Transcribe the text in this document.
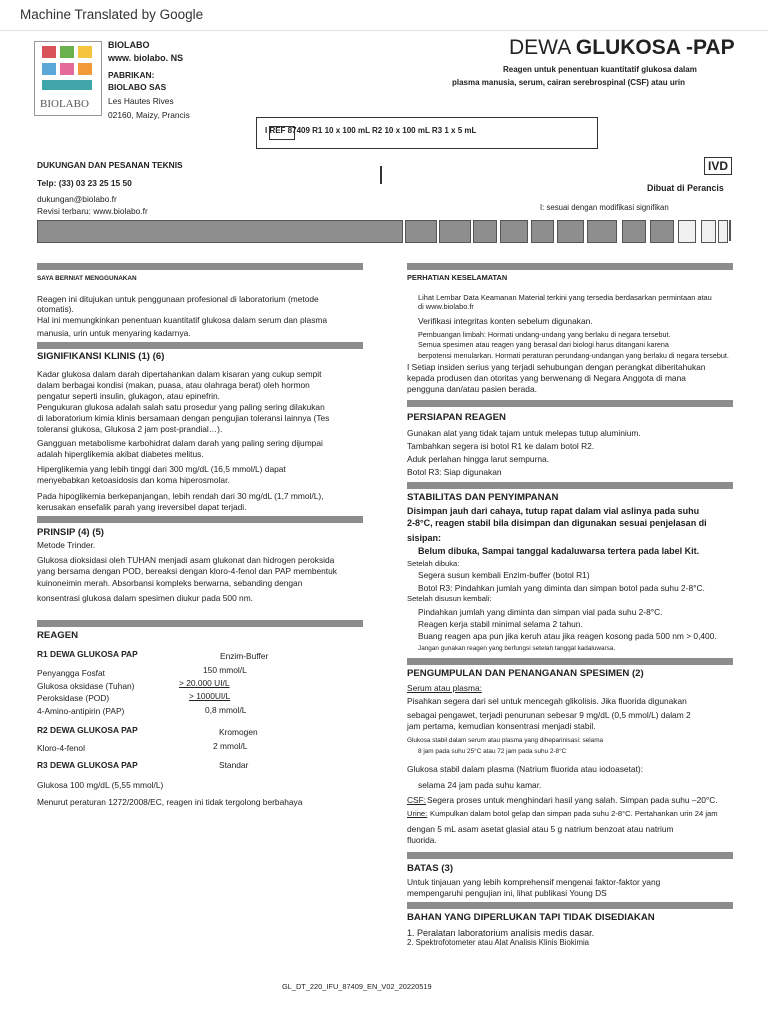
Machine Translated by Google
BIOLABO
BIOLABO
www. biolabo. NS
PABRIKAN:
BIOLABO SAS
Les Hautes Rives
02160, Maizy, Prancis
DEWA GLUKOSA -PAP
Reagen untuk penentuan kuantitatif glukosa dalam
plasma manusia, serum, cairan serebrospinal (CSF) atau urin
I REF 87409 R1 10 x 100 mL R2 10 x 100 mL R3 1 x 5 mL
DUKUNGAN DAN PESANAN TEKNIS
Telp: (33) 03 23 25 15 50
dukungan@biolabo.fr
Revisi terbaru: www.biolabo.fr
IVD
Dibuat di Perancis
I: sesuai dengan modifikasi signifikan
SAYA BERNIAT MENGGUNAKAN
Reagen ini ditujukan untuk penggunaan profesional di laboratorium (metode
otomatis).
Hal ini memungkinkan penentuan kuantitatif glukosa dalam serum dan plasma
manusia, urin untuk menyaring kadarnya.
SIGNIFIKANSI KLINIS (1) (6)
Kadar glukosa dalam darah dipertahankan dalam kisaran yang cukup sempit
dalam berbagai kondisi (makan, puasa, atau olahraga berat) oleh hormon
pengatur seperti insulin, glukagon, atau epinefrin.
Pengukuran glukosa adalah salah satu prosedur yang paling sering dilakukan
di laboratorium kimia klinis bersamaan dengan pengujian toleransi lainnya (Tes
toleransi glukosa, Glukosa 2 jam post-prandial…).
Gangguan metabolisme karbohidrat dalam darah yang paling sering dijumpai
adalah hiperglikemia akibat diabetes melitus.
Hiperglikemia yang lebih tinggi dari 300 mg/dL (16,5 mmol/L) dapat
menyebabkan ketoasidosis dan koma hiperosmolar.
Pada hipoglikemia berkepanjangan, lebih rendah dari 30 mg/dL (1,7 mmol/L),
kerusakan ensefalik parah yang ireversibel dapat terjadi.
PRINSIP (4) (5)
Metode Trinder.
Glukosa dioksidasi oleh TUHAN menjadi asam glukonat dan hidrogen peroksida
yang bersama dengan POD, bereaksi dengan kloro-4-fenol dan PAP membentuk
kuinoneimin merah. Absorbansi kompleks berwarna, sebanding dengan
konsentrasi glukosa dalam spesimen diukur pada 500 nm.
REAGEN
R1 DEWA GLUKOSA PAP	Enzim-Buffer
Penyangga Fosfat	150 mmol/L
Glukosa oksidase (Tuhan)	> 20.000 UI/L
Peroksidase (POD)	> 1000UI/L
4-Amino-antipirin (PAP)	0,8 mmol/L
R2 DEWA GLUKOSA PAP	Kromogen
Kloro-4-fenol	2 mmol/L
R3 DEWA GLUKOSA PAP	Standar
Glukosa 100 mg/dL (5,55 mmol/L)
Menurut peraturan 1272/2008/EC, reagen ini tidak tergolong berbahaya
PERHATIAN KESELAMATAN
Lihat Lembar Data Keamanan Material terkini yang tersedia berdasarkan permintaan atau
di www.biolabo.fr
Verifikasi integritas konten sebelum digunakan.
Pembuangan limbah: Hormati undang-undang yang berlaku di negara tersebut.
Semua spesimen atau reagen yang berasal dari biologi harus ditangani karena
berpotensi menularkan. Hormati peraturan perundang-undangan yang berlaku di negara tersebut.
I Setiap insiden serius yang terjadi sehubungan dengan perangkat diberitahukan
kepada produsen dan otoritas yang berwenang di Negara Anggota di mana
pengguna dan/atau pasien berada.
PERSIAPAN REAGEN
Gunakan alat yang tidak tajam untuk melepas tutup aluminium.
Tambahkan segera isi botol R1 ke dalam botol R2.
Aduk perlahan hingga larut sempurna.
Botol R3: Siap digunakan
STABILITAS DAN PENYIMPANAN
Disimpan jauh dari cahaya, tutup rapat dalam vial aslinya pada suhu
2-8°C, reagen stabil bila disimpan dan digunakan sesuai penjelasan di
sisipan:
Belum dibuka, Sampai tanggal kadaluwarsa tertera pada label Kit.
Setelah dibuka:
Segera susun kembali Enzim-buffer (botol R1)
Botol R3: Pindahkan jumlah yang diminta dan simpan botol pada suhu 2-8°C.
Setelah disusun kembali:
Pindahkan jumlah yang diminta dan simpan vial pada suhu 2-8°C.
Reagen kerja stabil minimal selama 2 tahun.
Buang reagen apa pun jika keruh atau jika reagen kosong pada 500 nm > 0,400.
Jangan gunakan reagen yang berfungsi setelah tanggal kadaluwarsa.
PENGUMPULAN DAN PENANGANAN SPESIMEN (2)
Serum atau plasma:
Pisahkan segera dari sel untuk mencegah glikolisis. Jika fluorida digunakan
sebagai pengawet, terjadi penurunan sebesar 9 mg/dL (0,5 mmol/L) dalam 2
jam pertama, kemudian konsentrasi menjadi stabil.
Glukosa stabil dalam serum atau plasma yang diheparinisasi: selama
8 jam pada suhu 25°C atau 72 jam pada suhu 2-8°C
Glukosa stabil dalam plasma (Natrium fluorida atau iodoasetat):
selama 24 jam pada suhu kamar.
CSF: Segera proses untuk menghindari hasil yang salah. Simpan pada suhu –20°C.
Urine: Kumpulkan dalam botol gelap dan simpan pada suhu 2-8°C. Pertahankan urin 24 jam
dengan 5 mL asam asetat glasial atau 5 g natrium benzoat atau natrium
fluorida.
BATAS (3)
Untuk tinjauan yang lebih komprehensif mengenai faktor-faktor yang
mempengaruhi pengujian ini, lihat publikasi Young DS
BAHAN YANG DIPERLUKAN TAPI TIDAK DISEDIAKAN
1. Peralatan laboratorium analisis medis dasar.
2. Spektrofotometer atau Alat Analisis Klinis Biokimia
GL_DT_220_IFU_87409_EN_V02_20220519
